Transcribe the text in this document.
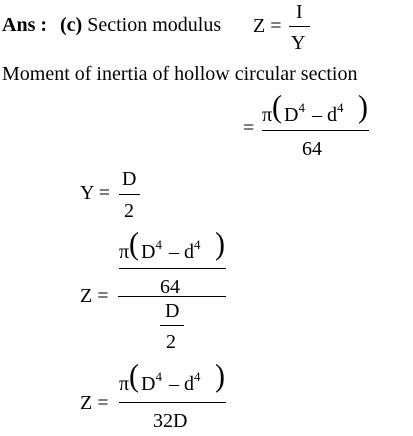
Ans : (c) Section modulus Z =
I
Y
Moment of inertia of hollow circular section
=
π ( $D^4 - d^4$ )
64
Y =
D
2
Z =
π ( $D^4 - d^4$ )
64
D
2
Z =
π ( $D^4 - d^4$ )
32D
